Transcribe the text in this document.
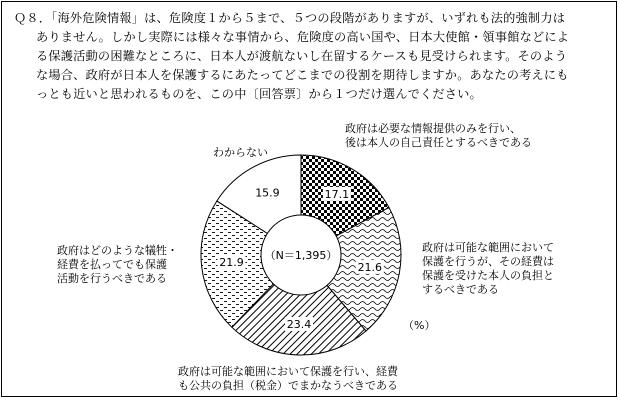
Ｑ８．「海外危険情報」は、危険度１から５まで、５つの段階がありますが、いずれも法的強制力は
ありません。しかし実際には様々な事情から、危険度の高い国や、日本大使館・領事館などによ
る保護活動の困難なところに、日本人が渡航ないし在留するケースも見受けられます。そのよう
な場合、政府が日本人を保護するにあたってどこまでの役割を期待しますか。あなたの考えにも
っとも近いと思われるものを、この中〔回答票〕から１つだけ選んでください。
17.1
21.6
23.4
21.9
15.9
（N＝1,395）
政府は必要な情報提供のみを行い、
後は本人の自己責任とするべきである
政府は可能な範囲において
保護を行うが、その経費は
保護を受けた本人の負担と
するべきである
政府は可能な範囲において保護を行い、経費
も公共の負担（税金）でまかなうべきである
政府はどのような犠牲・
経費を払ってでも保護
活動を行うべきである
わからない
（%）
